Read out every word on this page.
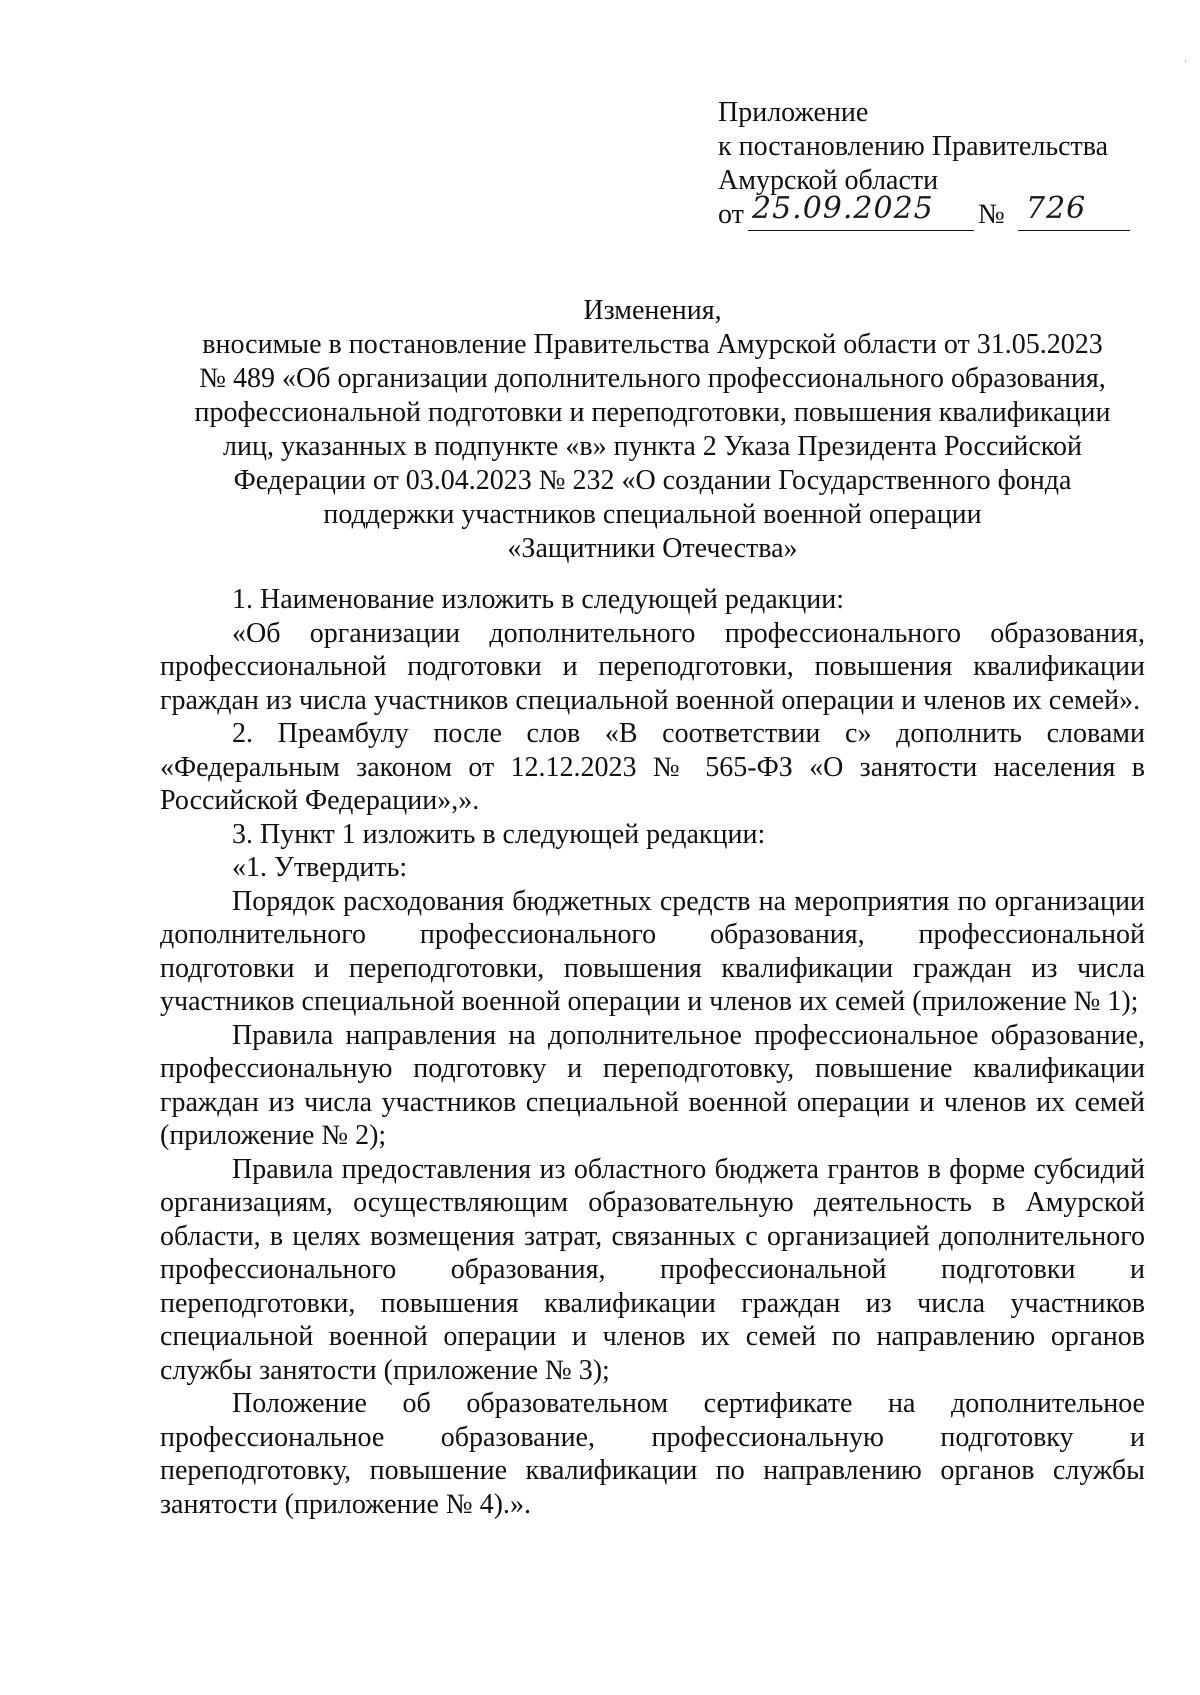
Приложение
к постановлению Правительства
Амурской области
от 25.09.2025 № 726
Изменения,
вносимые в постановление Правительства Амурской области от 31.05.2023
№ 489 «Об организации дополнительного профессионального образования,
профессиональной подготовки и переподготовки, повышения квалификации
лиц, указанных в подпункте «в» пункта 2 Указа Президента Российской
Федерации от 03.04.2023 № 232 «О создании Государственного фонда
поддержки участников специальной военной операции
«Защитники Отечества»

1. Наименование изложить в следующей редакции:

«Об организации дополнительного профессионального образования, профессиональной подготовки и переподготовки, повышения квалификации граждан из числа участников специальной военной операции и членов их семей».

2. Преамбулу после слов «В соответствии с» дополнить словами «Федеральным законом от 12.12.2023 № 565-ФЗ «О занятости населения в Российской Федерации»,».

3. Пункт 1 изложить в следующей редакции:

«1. Утвердить:

Порядок расходования бюджетных средств на мероприятия по организации дополнительного профессионального образования, профессиональной подготовки и переподготовки, повышения квалификации граждан из числа участников специальной военной операции и членов их семей (приложение № 1);

Правила направления на дополнительное профессиональное образование, профессиональную подготовку и переподготовку, повышение квалификации граждан из числа участников специальной военной операции и членов их семей (приложение № 2);

Правила предоставления из областного бюджета грантов в форме субсидий организациям, осуществляющим образовательную деятельность в Амурской области, в целях возмещения затрат, связанных с организацией дополнительного профессионального образования, профессиональной подготовки и переподготовки, повышения квалификации граждан из числа участников специальной военной операции и членов их семей по направлению органов службы занятости (приложение № 3);

Положение об образовательном сертификате на дополнительное профессиональное образование, профессиональную подготовку и переподготовку, повышение квалификации по направлению органов службы занятости (приложение № 4).».
